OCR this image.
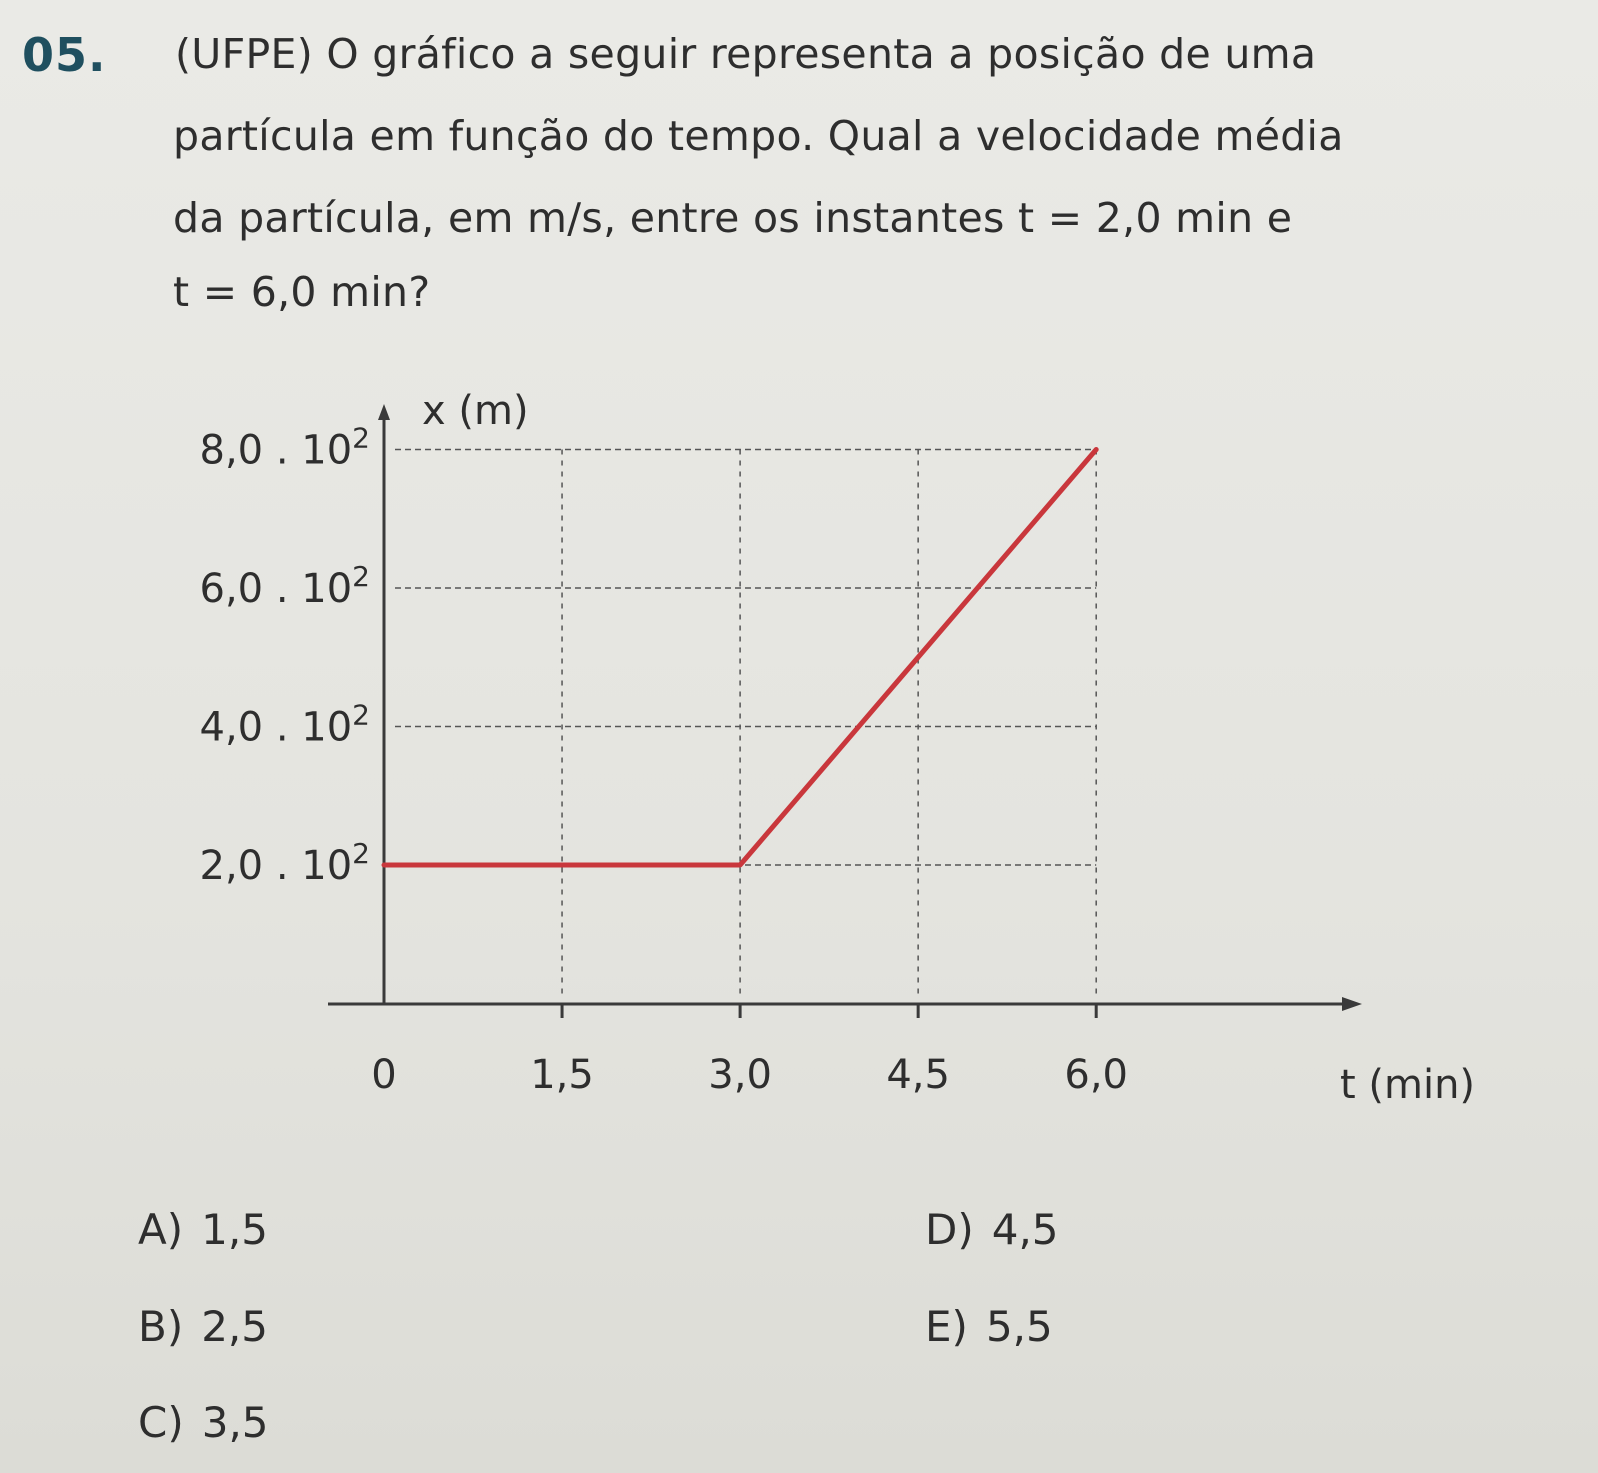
05. (UFPE) O gráfico a seguir representa a posição de uma
partícula em função do tempo. Qual a velocidade média
da partícula, em m/s, entre os instantes t = 2,0 min e
t = 6,0 min?
x (m)
t (min)
2,0 . $10^2$
4,0 . $10^2$
6,0 . $10^2$
8,0 . $10^2$
0	1,5	3,0	4,5	6,0
A) 1,5
B) 2,5
C) 3,5
D) 4,5
E) 5,5
